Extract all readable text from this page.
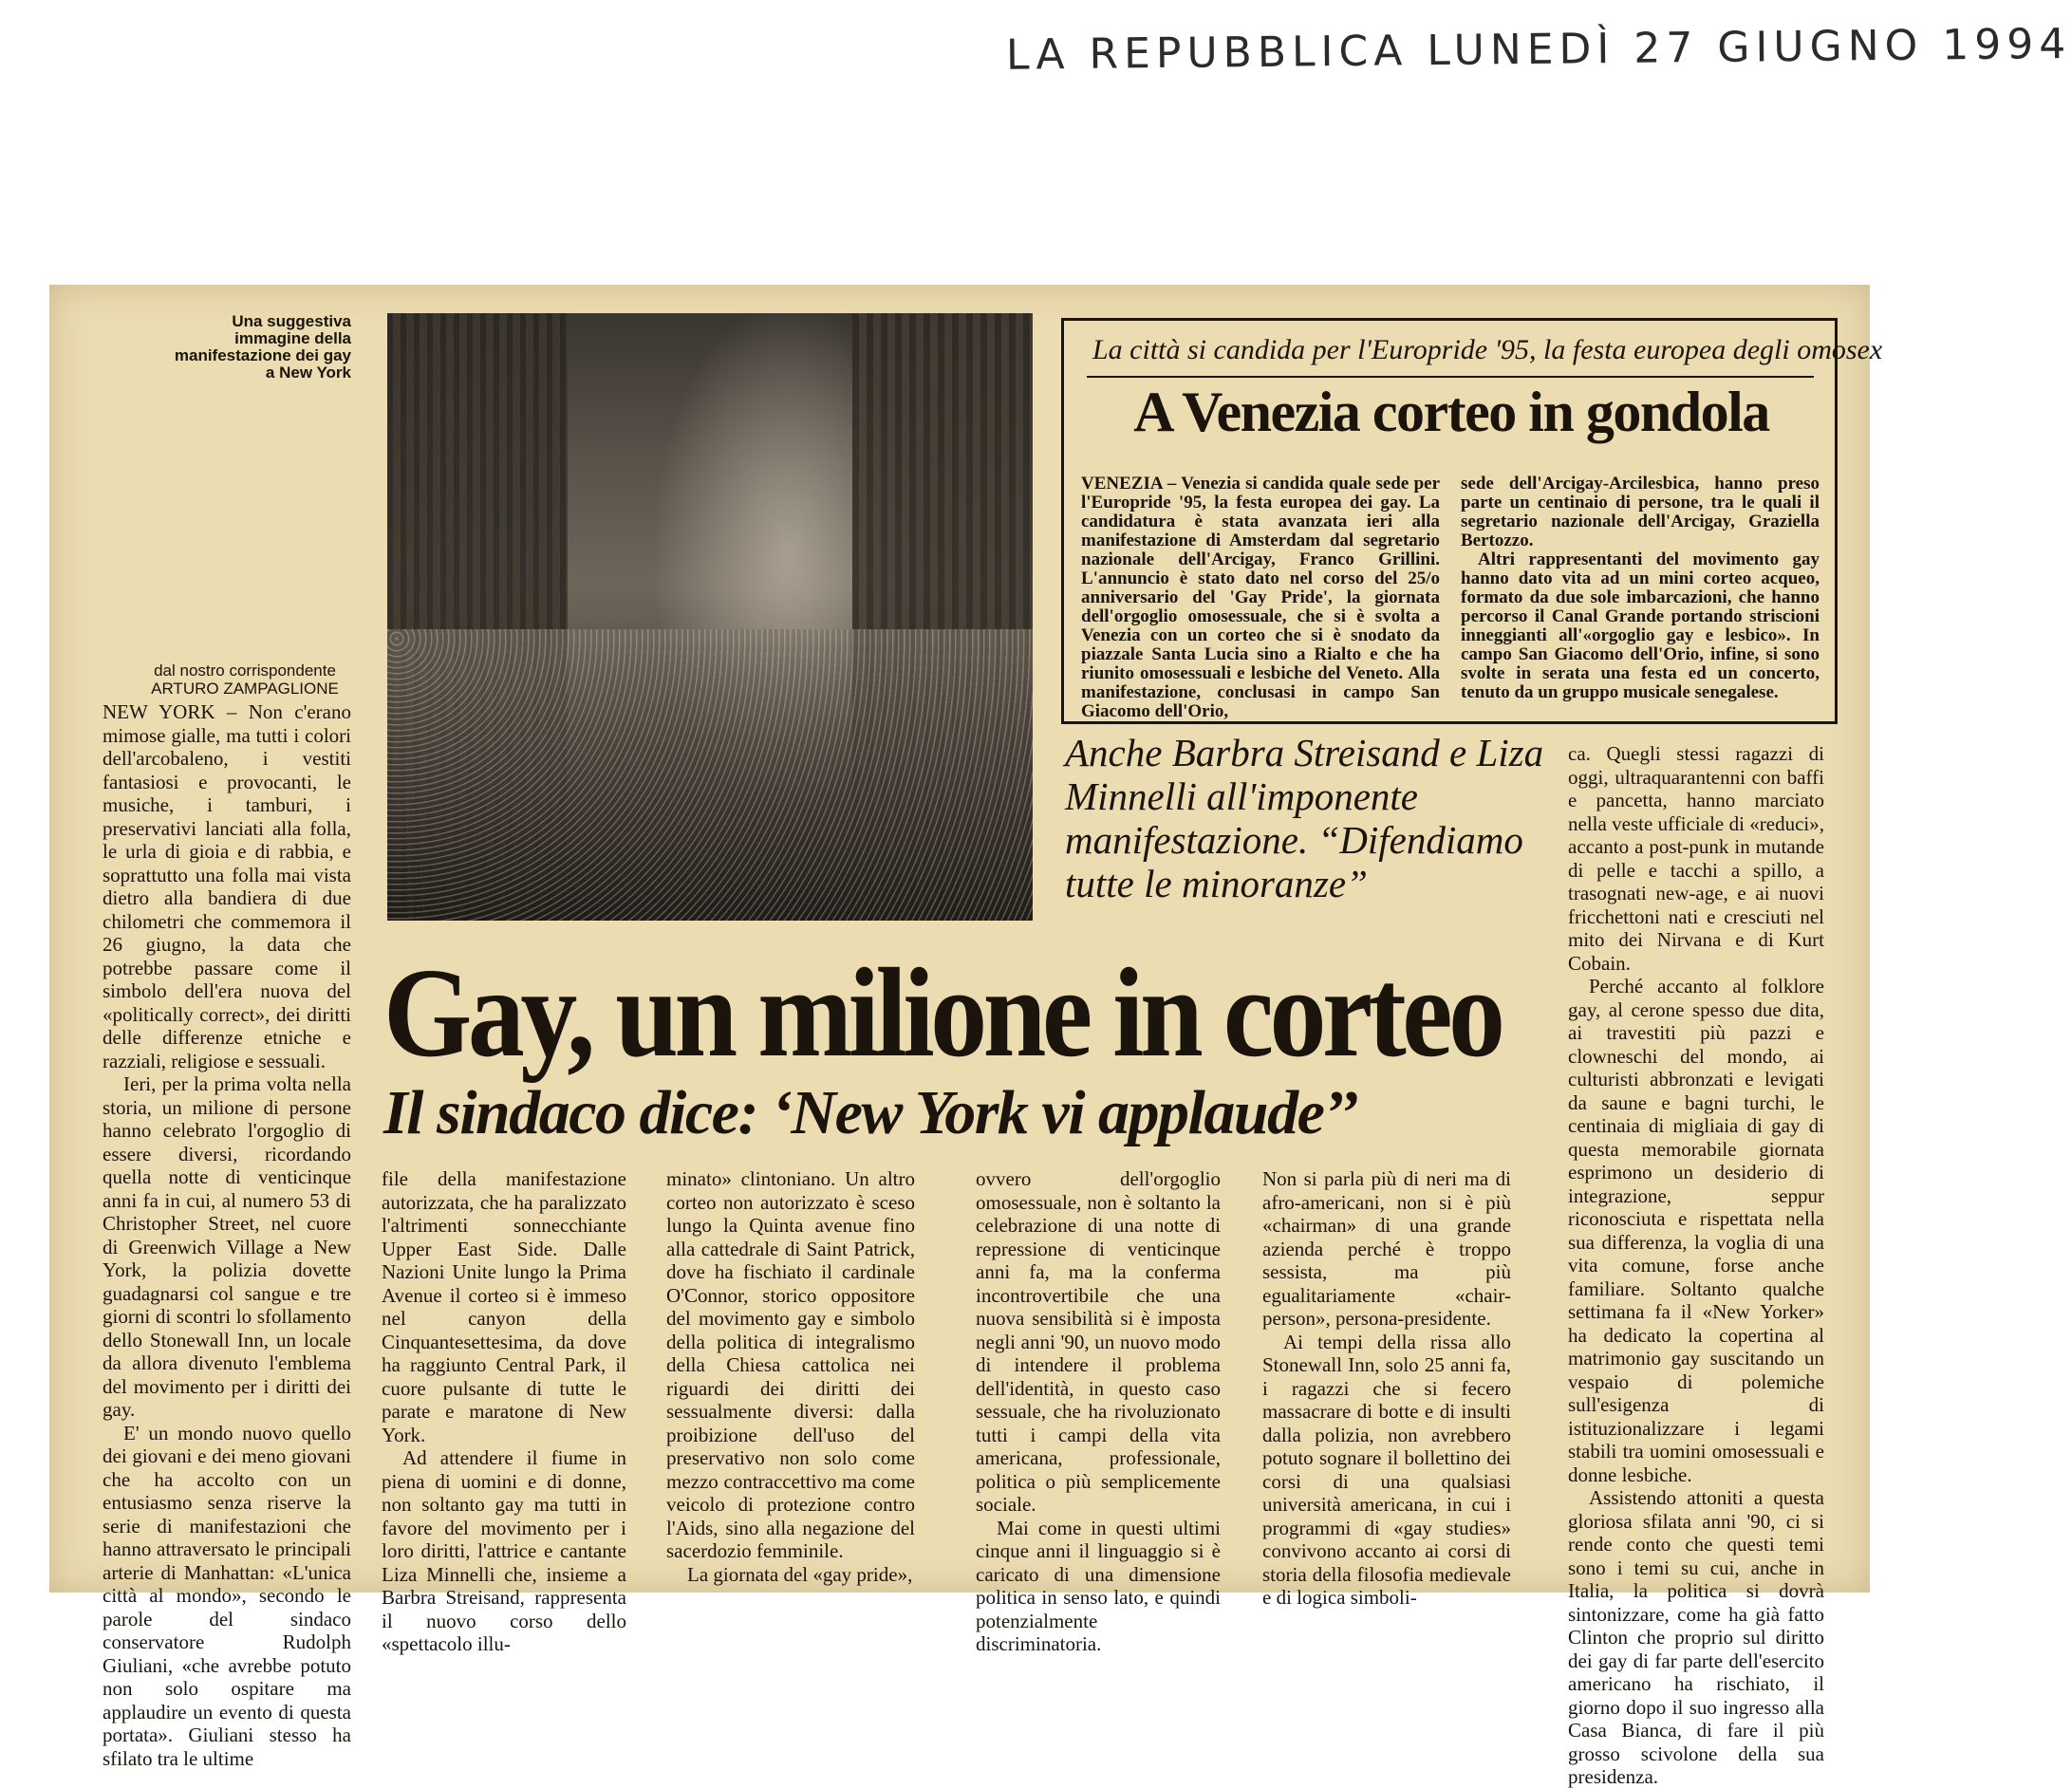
LA REPUBBLICA LUNEDÌ 27 GIUGNO 1994

Una suggestiva immagine della manifestazione dei gay a New York
dal nostro corrispondente
ARTURO ZAMPAGLIONE
La città si candida per l'Europride '95, la festa europea degli omosex
A Venezia corteo in gondola

VENEZIA – Venezia si candida quale sede per l'Europride '95, la festa europea dei gay. La candidatura è stata avanzata ieri alla manifestazione di Amsterdam dal segretario nazionale dell'Arcigay, Franco Grillini. L'annuncio è stato dato nel corso del 25/o anniversario del 'Gay Pride', la giornata dell'orgoglio omosessuale, che si è svolta a Venezia con un corteo che si è snodato da piazzale Santa Lucia sino a Rialto e che ha riunito omosessuali e lesbiche del Veneto. Alla manifestazione, conclusasi in campo San Giacomo dell'Orio,

sede dell'Arcigay-Arcilesbica, hanno preso parte un centinaio di persone, tra le quali il segretario nazionale dell'Arcigay, Graziella Bertozzo.

Altri rappresentanti del movimento gay hanno dato vita ad un mini corteo acqueo, formato da due sole imbarcazioni, che hanno percorso il Canal Grande portando striscioni inneggianti all'«orgoglio gay e lesbico». In campo San Giacomo dell'Orio, infine, si sono svolte in serata una festa ed un concerto, tenuto da un gruppo musicale senegalese.

Anche Barbra Streisand e Liza Minnelli all'imponente manifestazione. “Difendiamo tutte le minoranze”
Gay, un milione in corteo
Il sindaco dice: ‘New York vi applaude’’

NEW YORK – Non c'erano mimose gialle, ma tutti i colori dell'arcobaleno, i vestiti fantasiosi e provocanti, le musiche, i tamburi, i preservativi lanciati alla folla, le urla di gioia e di rabbia, e soprattutto una folla mai vista dietro alla bandiera di due chilometri che commemora il 26 giugno, la data che potrebbe passare come il simbolo dell'era nuova del «politically correct», dei diritti delle differenze etniche e razziali, religiose e sessuali.

Ieri, per la prima volta nella storia, un milione di persone hanno celebrato l'orgoglio di essere diversi, ricordando quella notte di venticinque anni fa in cui, al numero 53 di Christopher Street, nel cuore di Greenwich Village a New York, la polizia dovette guadagnarsi col sangue e tre giorni di scontri lo sfollamento dello Stonewall Inn, un locale da allora divenuto l'emblema del movimento per i diritti dei gay.

E' un mondo nuovo quello dei giovani e dei meno giovani che ha accolto con un entusiasmo senza riserve la serie di manifestazioni che hanno attraversato le principali arterie di Manhattan: «L'unica città al mondo», secondo le parole del sindaco conservatore Rudolph Giuliani, «che avrebbe potuto non solo ospitare ma applaudire un evento di questa portata». Giuliani stesso ha sfilato tra le ultime

file della manifestazione autorizzata, che ha paralizzato l'altrimenti sonnecchiante Upper East Side. Dalle Nazioni Unite lungo la Prima Avenue il corteo si è immeso nel canyon della Cinquantesettesima, da dove ha raggiunto Central Park, il cuore pulsante di tutte le parate e maratone di New York.

Ad attendere il fiume in piena di uomini e di donne, non soltanto gay ma tutti in favore del movimento per i loro diritti, l'attrice e cantante Liza Minnelli che, insieme a Barbra Streisand, rappresenta il nuovo corso dello «spettacolo illu-

minato» clintoniano. Un altro corteo non autorizzato è sceso lungo la Quinta avenue fino alla cattedrale di Saint Patrick, dove ha fischiato il cardinale O'Connor, storico oppositore del movimento gay e simbolo della politica di integralismo della Chiesa cattolica nei riguardi dei diritti dei sessualmente diversi: dalla proibizione dell'uso del preservativo non solo come mezzo contraccettivo ma come veicolo di protezione contro l'Aids, sino alla negazione del sacerdozio femminile.

La giornata del «gay pride»,

ovvero dell'orgoglio omosessuale, non è soltanto la celebrazione di una notte di repressione di venticinque anni fa, ma la conferma incontrovertibile che una nuova sensibilità si è imposta negli anni '90, un nuovo modo di intendere il problema dell'identità, in questo caso sessuale, che ha rivoluzionato tutti i campi della vita americana, professionale, politica o più semplicemente sociale.

Mai come in questi ultimi cinque anni il linguaggio si è caricato di una dimensione politica in senso lato, e quindi potenzialmente discriminatoria.

Non si parla più di neri ma di afro-americani, non si è più «chairman» di una grande azienda perché è troppo sessista, ma più egualitariamente «chair-person», persona-presidente.

Ai tempi della rissa allo Stonewall Inn, solo 25 anni fa, i ragazzi che si fecero massacrare di botte e di insulti dalla polizia, non avrebbero potuto sognare il bollettino dei corsi di una qualsiasi università americana, in cui i programmi di «gay studies» convivono accanto ai corsi di storia della filosofia medievale e di logica simboli-

ca. Quegli stessi ragazzi di oggi, ultraquarantenni con baffi e pancetta, hanno marciato nella veste ufficiale di «reduci», accanto a post-punk in mutande di pelle e tacchi a spillo, a trasognati new-age, e ai nuovi fricchettoni nati e cresciuti nel mito dei Nirvana e di Kurt Cobain.

Perché accanto al folklore gay, al cerone spesso due dita, ai travestiti più pazzi e clowneschi del mondo, ai culturisti abbronzati e levigati da saune e bagni turchi, le centinaia di migliaia di gay di questa memorabile giornata esprimono un desiderio di integrazione, seppur riconosciuta e rispettata nella sua differenza, la voglia di una vita comune, forse anche familiare. Soltanto qualche settimana fa il «New Yorker» ha dedicato la copertina al matrimonio gay suscitando un vespaio di polemiche sull'esigenza di istituzionalizzare i legami stabili tra uomini omosessuali e donne lesbiche.

Assistendo attoniti a questa gloriosa sfilata anni '90, ci si rende conto che questi temi sono i temi su cui, anche in Italia, la politica si dovrà sintonizzare, come ha già fatto Clinton che proprio sul diritto dei gay di far parte dell'esercito americano ha rischiato, il giorno dopo il suo ingresso alla Casa Bianca, di fare il più grosso scivolone della sua presidenza.
